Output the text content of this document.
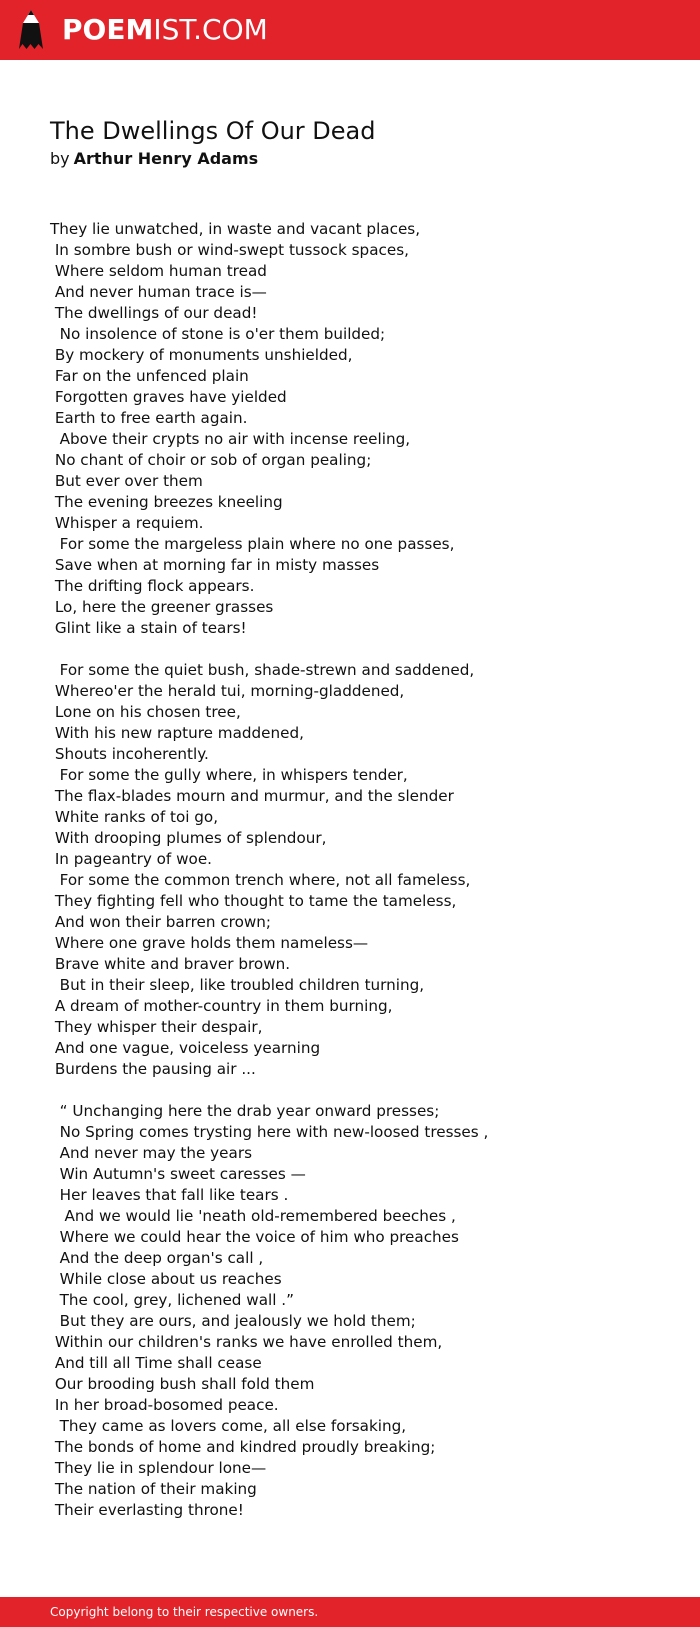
POEMIST.COM
The Dwellings Of Our Dead
by Arthur Henry Adams
They lie unwatched, in waste and vacant places,
In sombre bush or wind-swept tussock spaces,
Where seldom human tread
And never human trace is—
The dwellings of our dead!
No insolence of stone is o'er them builded;
By mockery of monuments unshielded,
Far on the unfenced plain
Forgotten graves have yielded
Earth to free earth again.
Above their crypts no air with incense reeling,
No chant of choir or sob of organ pealing;
But ever over them
The evening breezes kneeling
Whisper a requiem.
For some the margeless plain where no one passes,
Save when at morning far in misty masses
The drifting flock appears.
Lo, here the greener grasses
Glint like a stain of tears!
For some the quiet bush, shade-strewn and saddened,
Whereo'er the herald tui, morning-gladdened,
Lone on his chosen tree,
With his new rapture maddened,
Shouts incoherently.
For some the gully where, in whispers tender,
The flax-blades mourn and murmur, and the slender
White ranks of toi go,
With drooping plumes of splendour,
In pageantry of woe.
For some the common trench where, not all fameless,
They fighting fell who thought to tame the tameless,
And won their barren crown;
Where one grave holds them nameless—
Brave white and braver brown.
But in their sleep, like troubled children turning,
A dream of mother-country in them burning,
They whisper their despair,
And one vague, voiceless yearning
Burdens the pausing air ...
“ Unchanging here the drab year onward presses;
No Spring comes trysting here with new-loosed tresses ,
And never may the years
Win Autumn's sweet caresses —
Her leaves that fall like tears .
And we would lie 'neath old-remembered beeches ,
Where we could hear the voice of him who preaches
And the deep organ's call ,
While close about us reaches
The cool, grey, lichened wall .”
But they are ours, and jealously we hold them;
Within our children's ranks we have enrolled them,
And till all Time shall cease
Our brooding bush shall fold them
In her broad-bosomed peace.
They came as lovers come, all else forsaking,
The bonds of home and kindred proudly breaking;
They lie in splendour lone—
The nation of their making
Their everlasting throne!
Copyright belong to their respective owners.
